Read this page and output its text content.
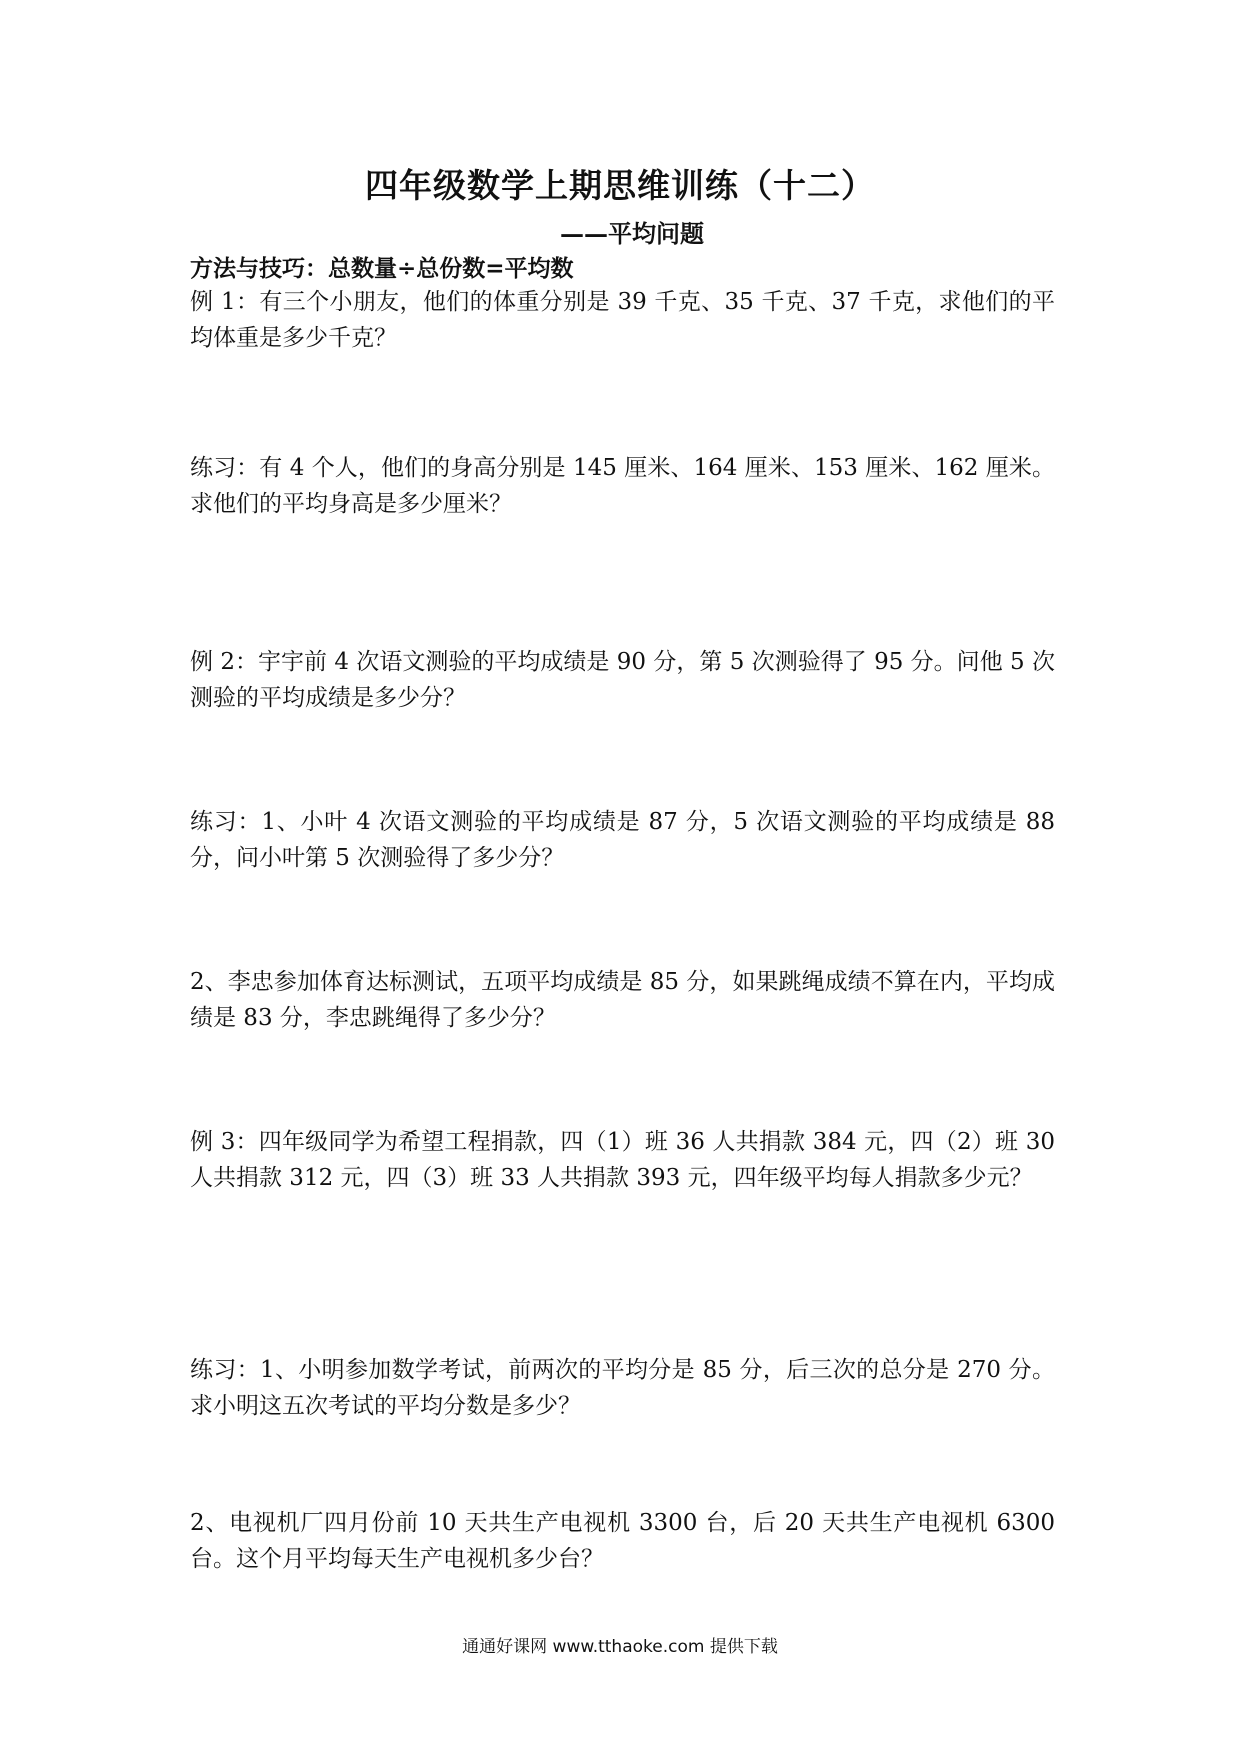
四年级数学上期思维训练（十二）
——平均问题
方法与技巧：总数量÷总份数=平均数
例 1：有三个小朋友，他们的体重分别是 39 千克、35 千克、37 千克，求他们的平均体重是多少千克？
练习：有 4 个人，他们的身高分别是 145 厘米、164 厘米、153 厘米、162 厘米。求他们的平均身高是多少厘米？
例 2：宇宇前 4 次语文测验的平均成绩是 90 分，第 5 次测验得了 95 分。问他 5 次测验的平均成绩是多少分？
练习：1、小叶 4 次语文测验的平均成绩是 87 分，5 次语文测验的平均成绩是 88 分，问小叶第 5 次测验得了多少分？
2、李忠参加体育达标测试，五项平均成绩是 85 分，如果跳绳成绩不算在内，平均成绩是 83 分，李忠跳绳得了多少分？
例 3：四年级同学为希望工程捐款，四（1）班 36 人共捐款 384 元，四（2）班 30 人共捐款 312 元，四（3）班 33 人共捐款 393 元，四年级平均每人捐款多少元？
练习：1、小明参加数学考试，前两次的平均分是 85 分，后三次的总分是 270 分。求小明这五次考试的平均分数是多少？
2、电视机厂四月份前 10 天共生产电视机 3300 台，后 20 天共生产电视机 6300 台。这个月平均每天生产电视机多少台？
通通好课网 www.tthaoke.com 提供下载
